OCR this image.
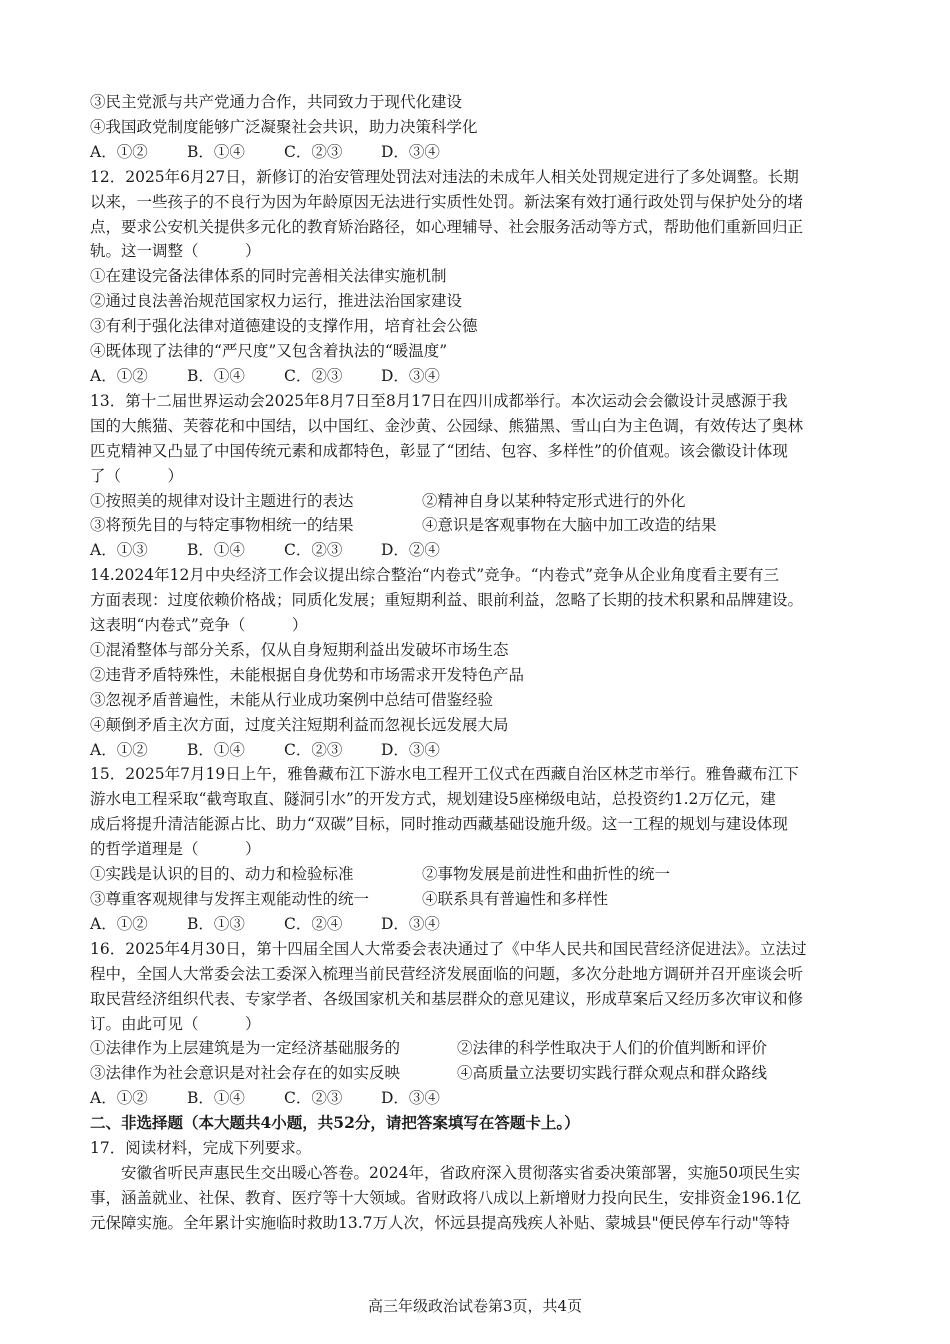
③民主党派与共产党通力合作，共同致力于现代化建设
④我国政党制度能够广泛凝聚社会共识，助力决策科学化
A．①②	B．①④	C．②③ D．③④
12．2025年6月27日，新修订的治安管理处罚法对违法的未成年人相关处罚规定进行了多处调整。长期
以来，一些孩子的不良行为因为年龄原因无法进行实质性处罚。新法案有效打通行政处罚与保护处分的堵
点，要求公安机关提供多元化的教育矫治路径，如心理辅导、社会服务活动等方式，帮助他们重新回归正
轨。这一调整（　　　）
①在建设完备法律体系的同时完善相关法律实施机制
②通过良法善治规范国家权力运行，推进法治国家建设
③有利于强化法律对道德建设的支撑作用，培育社会公德
④既体现了法律的“严尺度”又包含着执法的“暖温度”
A．①②	B．①④	C．②③ D．③④
13．第十二届世界运动会2025年8月7日至8月17日在四川成都举行。本次运动会会徽设计灵感源于我
国的大熊猫、芙蓉花和中国结，以中国红、金沙黄、公园绿、熊猫黑、雪山白为主色调，有效传达了奥林
匹克精神又凸显了中国传统元素和成都特色，彰显了“团结、包容、多样性”的价值观。该会徽设计体现
了（　　　）
①按照美的规律对设计主题进行的表达	②精神自身以某种特定形式进行的外化
③将预先目的与特定事物相统一的结果	④意识是客观事物在大脑中加工改造的结果
A．①③	B．①④	C．②③ D．②④
14.2024年12月中央经济工作会议提出综合整治“内卷式”竞争。“内卷式”竞争从企业角度看主要有三
方面表现：过度依赖价格战；同质化发展；重短期利益、眼前利益，忽略了长期的技术积累和品牌建设。
这表明“内卷式”竞争（　　　）
①混淆整体与部分关系，仅从自身短期利益出发破坏市场生态
②违背矛盾特殊性，未能根据自身优势和市场需求开发特色产品
③忽视矛盾普遍性，未能从行业成功案例中总结可借鉴经验
④颠倒矛盾主次方面，过度关注短期利益而忽视长远发展大局
A．①②	B．①④	C．②③ D．③④
15．2025年7月19日上午，雅鲁藏布江下游水电工程开工仪式在西藏自治区林芝市举行。雅鲁藏布江下
游水电工程采取“截弯取直、隧洞引水”的开发方式，规划建设5座梯级电站，总投资约1.2万亿元，建
成后将提升清洁能源占比、助力“双碳”目标，同时推动西藏基础设施升级。这一工程的规划与建设体现
的哲学道理是（　　　）
①实践是认识的目的、动力和检验标准	②事物发展是前进性和曲折性的统一
③尊重客观规律与发挥主观能动性的统一	④联系具有普遍性和多样性
A．①②	B．①③	C．②④ D．③④
16．2025年4月30日，第十四届全国人大常委会表决通过了《中华人民共和国民营经济促进法》。立法过
程中，全国人大常委会法工委深入梳理当前民营经济发展面临的问题，多次分赴地方调研并召开座谈会听
取民营经济组织代表、专家学者、各级国家机关和基层群众的意见建议，形成草案后又经历多次审议和修
订。由此可见（　　　）
①法律作为上层建筑是为一定经济基础服务的	②法律的科学性取决于人们的价值判断和评价
③法律作为社会意识是对社会存在的如实反映	④高质量立法要切实践行群众观点和群众路线
A．①②	B．①④	C．②③ D．③④
二、非选择题（本大题共4小题，共52分，请把答案填写在答题卡上。）
17．阅读材料，完成下列要求。
安徽省听民声惠民生交出暖心答卷。2024年，省政府深入贯彻落实省委决策部署，实施50项民生实
事，涵盖就业、社保、教育、医疗等十大领域。省财政将八成以上新增财力投向民生，安排资金196.1亿
元保障实施。全年累计实施临时救助13.7万人次，怀远县提高残疾人补贴、蒙城县"便民停车行动"等特
高三年级政治试卷第3页，共4页
